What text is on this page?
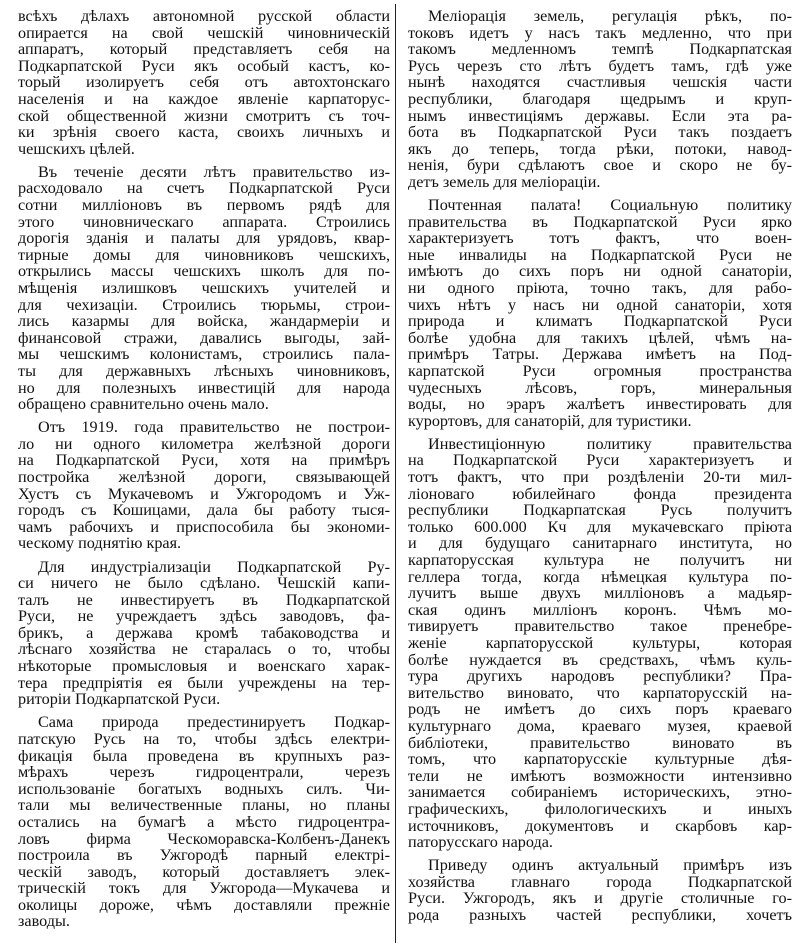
всѣхъ дѣлахъ автономной русской области
опирается на свой чешскій чиновническій
аппаратъ, который представляетъ себя на
Подкарпатской Руси якъ особый кастъ, ко-
торый изолируетъ себя отъ автохтонскаго
населенія и на каждое явленіе карпаторус-
ской общественной жизни смотритъ съ точ-
ки зрѣнія своего каста, своихъ личныхъ и
чешскихъ цѣлей.
Въ теченіе десяти лѣтъ правительство из-
расходовало на счетъ Подкарпатской Руси
сотни милліоновъ въ первомъ рядѣ для
этого чиновническаго аппарата. Строились
дорогія зданія и палаты для урядовъ, квар-
тирные домы для чиновниковъ чешскихъ,
открылись массы чешскихъ школъ для по-
мѣщенія излишковъ чешскихъ учителей и
для чехизаціи. Строились тюрьмы, строи-
лись казармы для войска, жандармеріи и
финансовой стражи, давались выгоды, зай-
мы чешскимъ колонистамъ, строились пала-
ты для державныхъ лѣсныхъ чиновниковъ,
но для полезныхъ инвестицій для народа
обращено сравнительно очень мало.
Отъ 1919. года правительство не построи-
ло ни одного километра желѣзной дороги
на Подкарпатской Руси, хотя на примѣръ
постройка желѣзной дороги, связывающей
Хустъ съ Мукачевомъ и Ужгородомъ и Уж-
городъ съ Кошицами, дала бы работу тыся-
чамъ рабочихъ и приспособила бы экономи-
ческому поднятію края.
Для индустріализаціи Подкарпатской Ру-
си ничего не было сдѣлано. Чешскій капи-
талъ не инвестируетъ въ Подкарпатской
Руси, не учреждаетъ здѣсь заводовъ, фа-
брикъ, а держава кромѣ табаководства и
лѣснаго хозяйства не старалась о то, чтобы
нѣкоторые промысловыя и военскаго харак-
тера предпріятія ея были учреждены на тер-
риторіи Подкарпатской Руси.
Сама природа предестинируетъ Подкар-
патскую Русь на то, чтобы здѣсь електри-
фикація была проведена въ крупныхъ раз-
мѣрахъ черезъ гидроцентрали, черезъ
использованіе богатыхъ водныхъ силъ. Чи-
тали мы величественные планы, но планы
остались на бумагѣ а мѣсто гидроцентра-
ловъ фирма Ческоморавска-Колбенъ-Данекъ
построила въ Ужгородѣ парный електрі-
ческій заводъ, который доставляетъ элек-
трическій токъ для Ужгорода—Мукачева и
околицы дороже, чѣмъ доставляли прежніе
заводы.
Меліорація земель, регулація рѣкъ, по-
токовъ идетъ у насъ такъ медленно, что при
такомъ медленномъ темпѣ Подкарпатская
Русь черезъ сто лѣтъ будетъ тамъ, гдѣ уже
нынѣ находятся счастливыя чешскія части
республики, благодаря щедрымъ и круп-
нымъ инвестиціямъ державы. Если эта ра-
бота въ Подкарпатской Руси такъ поздаетъ
якъ до теперь, тогда рѣки, потоки, навод-
ненія, бури сдѣлаютъ свое и скоро не бу-
детъ земель для меліораціи.
Почтенная палата! Социальную политику
правительства въ Подкарпатской Руси ярко
характеризуетъ тотъ фактъ, что воен-
ные инвалиды на Подкарпатской Руси не
имѣютъ до сихъ поръ ни одной санаторіи,
ни одного пріюта, точно такъ, для рабо-
чихъ нѣтъ у насъ ни одной санаторіи, хотя
природа и климатъ Подкарпатской Руси
болѣе удобна для такихъ цѣлей, чѣмъ на-
примѣръ Татры. Держава имѣетъ на Под-
карпатской Руси огромныя пространства
чудесныхъ лѣсовъ, горъ, минеральныя
воды, но эраръ жалѣетъ инвестировать для
курортовъ, для санаторій, для туристики.
Инвестиціонную политику правительства
на Подкарпатской Руси характеризуетъ и
тотъ фактъ, что при роздѣленіи 20-ти мил-
ліоноваго юбилейнаго фонда президента
республики Подкарпатская Русь получитъ
только 600.000 Кч для мукачевскаго пріюта
и для будущаго санитарнаго института, но
карпаторусская культура не получитъ ни
геллера тогда, когда нѣмецкая культура по-
лучитъ выше двухъ милліоновъ а мадьяр-
ская одинъ милліонъ коронъ. Чѣмъ мо-
тивируетъ правительство такое пренебре-
женіе карпаторусской культуры, которая
болѣе нуждается въ средствахъ, чѣмъ куль-
тура другихъ народовъ республики? Пра-
вительство виновато, что карпаторусскій на-
родъ не имѣетъ до сихъ поръ краеваго
культурнаго дома, краеваго музея, краевой
библіотеки, правительство виновато въ
томъ, что карпаторусскіе культурные дѣя-
тели не имѣютъ возможности интензивно
занимается собираніемъ историческихъ, этно-
графическихъ, филологическихъ и иныхъ
источниковъ, документовъ и скарбовъ кар-
паторусскаго народа.
Приведу одинъ актуальный примѣръ изъ
хозяйства главнаго города Подкарпатской
Руси. Ужгородъ, якъ и другіе столичные го-
рода разныхъ частей республики, хочетъ
